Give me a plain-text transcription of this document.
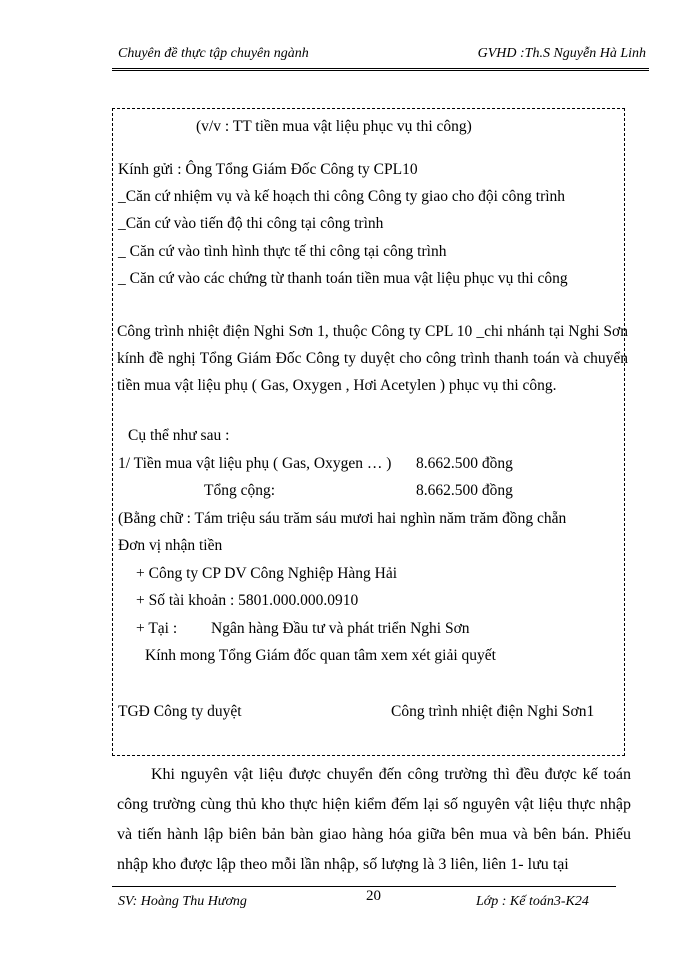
Chuyên đề thực tập chuyên ngành	GVHD :Th.S Nguyễn Hà Linh
(v/v : TT tiền mua vật liệu phục vụ thi công)
Kính gửi : Ông Tổng Giám Đốc Công ty CPL10
_Căn cứ nhiệm vụ và kế hoạch thi công Công ty giao cho đội công trình
_Căn cứ vào tiến độ thi công tại công trình
_ Căn cứ vào tình hình thực tế thi công tại công trình
_ Căn cứ vào các chứng từ thanh toán tiền mua vật liệu phục vụ thi công
Công trình nhiệt điện Nghi Sơn 1, thuộc Công ty CPL 10 _chi nhánh tại Nghi Sơn kính đề nghị Tổng Giám Đốc Công ty duyệt cho công trình thanh toán và chuyển tiền mua vật liệu phụ ( Gas, Oxygen , Hơi Acetylen ) phục vụ thi công.
Cụ thể như sau :
1/ Tiền mua vật liệu phụ ( Gas, Oxygen … ) 8.662.500 đồng
Tổng cộng:	8.662.500 đồng
(Bằng chữ : Tám triệu sáu trăm sáu mươi hai nghìn năm trăm đồng chẵn
Đơn vị nhận tiền
+ Công ty CP DV Công Nghiệp Hàng Hải
+ Số tài khoản : 5801.000.000.0910
+ Tại : Ngân hàng Đầu tư và phát triển Nghi Sơn
Kính mong Tổng Giám đốc quan tâm xem xét giải quyết
TGĐ Công ty duyệt	Công trình nhiệt điện Nghi Sơn1
Khi nguyên vật liệu được chuyển đến công trường thì đều được kế toán công trường cùng thủ kho thực hiện kiểm đếm lại số nguyên vật liệu thực nhập và tiến hành lập biên bản bàn giao hàng hóa giữa bên mua và bên bán. Phiếu nhập kho được lập theo mỗi lần nhập, số lượng là 3 liên, liên 1- lưu tại
SV: Hoàng Thu Hương	20	Lớp : Kế toán3-K24
